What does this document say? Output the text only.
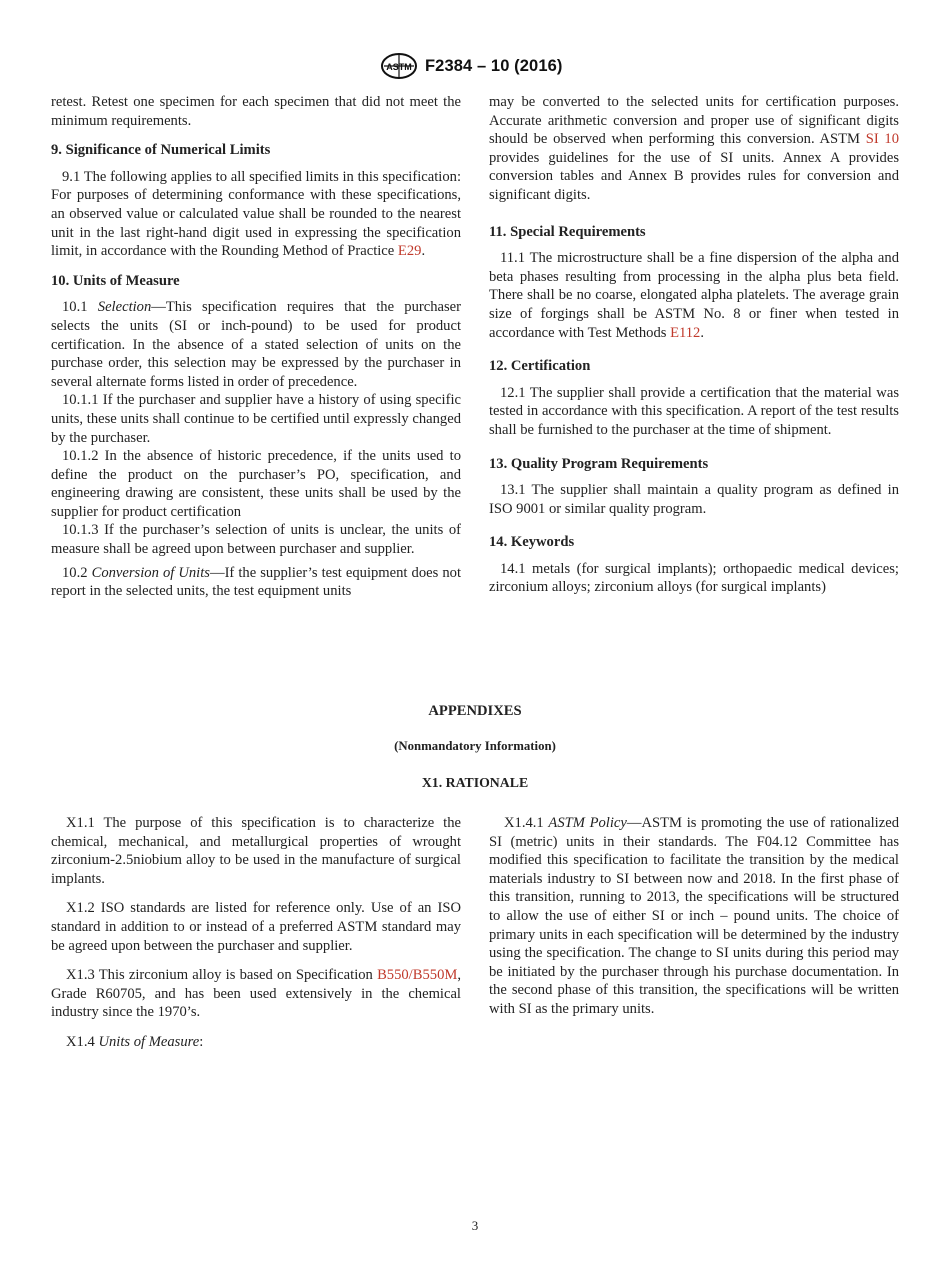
ASTM F2384 – 10 (2016)

retest. Retest one specimen for each specimen that did not meet the minimum requirements.

9. Significance of Numerical Limits

9.1 The following applies to all specified limits in this specification: For purposes of determining conformance with these specifications, an observed value or calculated value shall be rounded to the nearest unit in the last right-hand digit used in expressing the specification limit, in accordance with the Rounding Method of Practice E29.

10. Units of Measure

10.1 Selection—This specification requires that the purchaser selects the units (SI or inch-pound) to be used for product certification. In the absence of a stated selection of units on the purchase order, this selection may be expressed by the purchaser in several alternate forms listed in order of precedence.

10.1.1 If the purchaser and supplier have a history of using specific units, these units shall continue to be certified until expressly changed by the purchaser.

10.1.2 In the absence of historic precedence, if the units used to define the product on the purchaser’s PO, specification, and engineering drawing are consistent, these units shall be used by the supplier for product certification

10.1.3 If the purchaser’s selection of units is unclear, the units of measure shall be agreed upon between purchaser and supplier.

10.2 Conversion of Units—If the supplier’s test equipment does not report in the selected units, the test equipment units

may be converted to the selected units for certification purposes. Accurate arithmetic conversion and proper use of significant digits should be observed when performing this conversion. ASTM SI 10 provides guidelines for the use of SI units. Annex A provides conversion tables and Annex B provides rules for conversion and significant digits.

11. Special Requirements

11.1 The microstructure shall be a fine dispersion of the alpha and beta phases resulting from processing in the alpha plus beta field. There shall be no coarse, elongated alpha platelets. The average grain size of forgings shall be ASTM No. 8 or finer when tested in accordance with Test Methods E112.

12. Certification

12.1 The supplier shall provide a certification that the material was tested in accordance with this specification. A report of the test results shall be furnished to the purchaser at the time of shipment.

13. Quality Program Requirements

13.1 The supplier shall maintain a quality program as defined in ISO 9001 or similar quality program.

14. Keywords

14.1 metals (for surgical implants); orthopaedic medical devices; zirconium alloys; zirconium alloys (for surgical implants)

APPENDIXES
(Nonmandatory Information)
X1. RATIONALE

X1.1 The purpose of this specification is to characterize the chemical, mechanical, and metallurgical properties of wrought zirconium-2.5niobium alloy to be used in the manufacture of surgical implants.

X1.2 ISO standards are listed for reference only. Use of an ISO standard in addition to or instead of a preferred ASTM standard may be agreed upon between the purchaser and supplier.

X1.3 This zirconium alloy is based on Specification B550/B550M, Grade R60705, and has been used extensively in the chemical industry since the 1970’s.

X1.4 Units of Measure:

X1.4.1 ASTM Policy—ASTM is promoting the use of rationalized SI (metric) units in their standards. The F04.12 Committee has modified this specification to facilitate the transition by the medical materials industry to SI between now and 2018. In the first phase of this transition, running to 2013, the specifications will be structured to allow the use of either SI or inch – pound units. The choice of primary units in each specification will be determined by the industry using the specification. The change to SI units during this period may be initiated by the purchaser through his purchase documentation. In the second phase of this transition, the specifications will be written with SI as the primary units.

3
